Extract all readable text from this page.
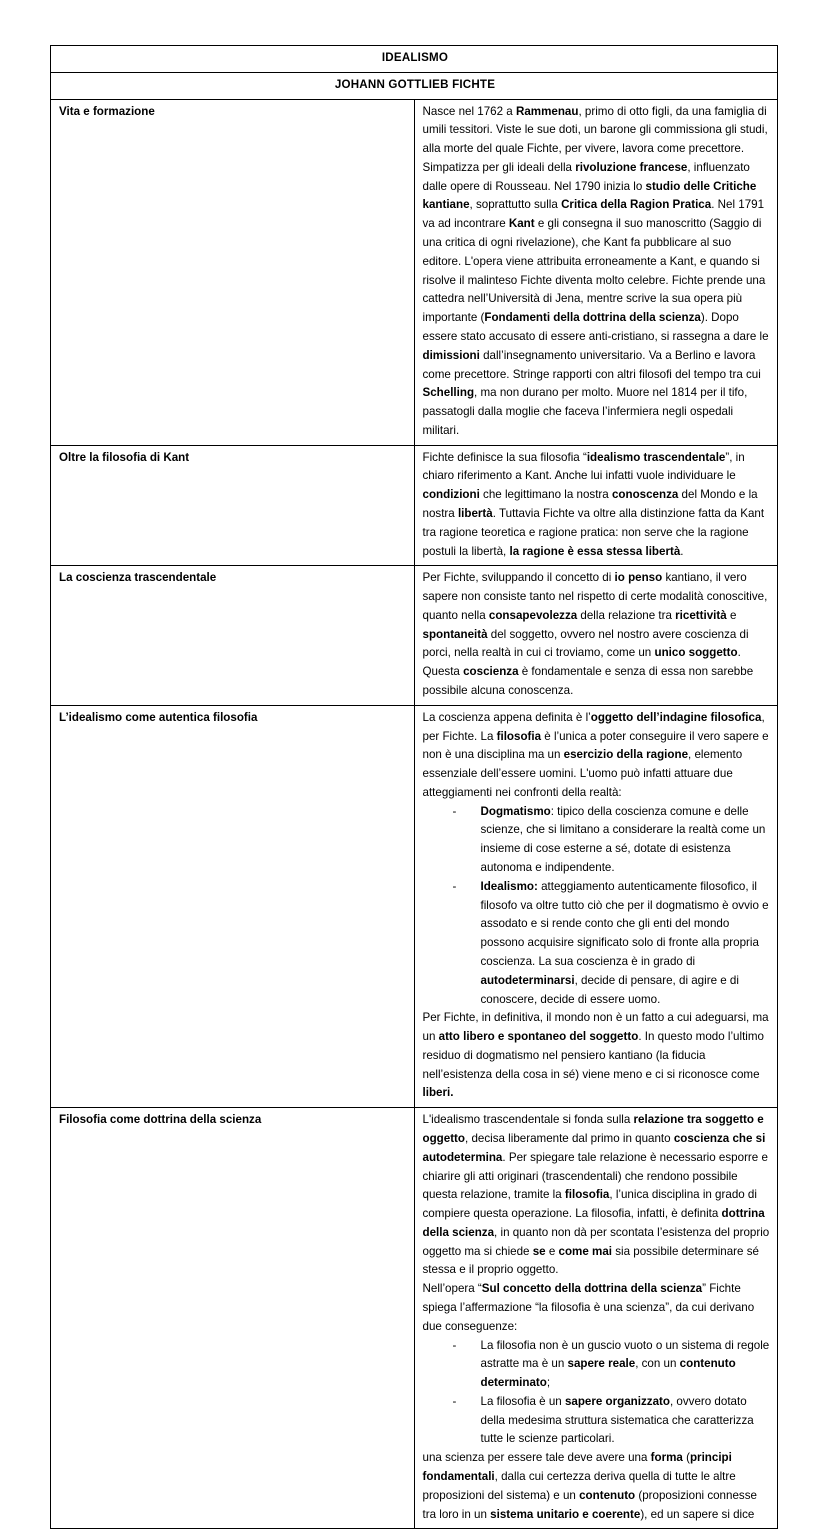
IDEALISMO	
JOHANN GOTTLIEB FICHTE	
Vita e formazione	Nasce nel 1762 a Rammenau, primo di otto figli, da una famiglia di umili tessitori. Viste le sue doti, un barone gli commissiona gli studi, alla morte del quale Fichte, per vivere, lavora come precettore. Simpatizza per gli ideali della rivoluzione francese, influenzato dalle opere di Rousseau. Nel 1790 inizia lo studio delle Critiche kantiane, soprattutto sulla Critica della Ragion Pratica. Nel 1791 va ad incontrare Kant e gli consegna il suo manoscritto (Saggio di una critica di ogni rivelazione), che Kant fa pubblicare al suo editore. L'opera viene attribuita erroneamente a Kant, e quando si risolve il malinteso Fichte diventa molto celebre. Fichte prende una cattedra nell’Università di Jena, mentre scrive la sua opera più importante (Fondamenti della dottrina della scienza). Dopo essere stato accusato di essere anti-cristiano, si rassegna a dare le dimissioni dall’insegnamento universitario. Va a Berlino e lavora come precettore. Stringe rapporti con altri filosofi del tempo tra cui Schelling, ma non durano per molto. Muore nel 1814 per il tifo, passatogli dalla moglie che faceva l’infermiera negli ospedali militari.

Oltre la filosofia di Kant	Fichte definisce la sua filosofia “idealismo trascendentale”, in chiaro riferimento a Kant. Anche lui infatti vuole individuare le condizioni che legittimano la nostra conoscenza del Mondo e la nostra libertà. Tuttavia Fichte va oltre alla distinzione fatta da Kant tra ragione teoretica e ragione pratica: non serve che la ragione postuli la libertà, la ragione è essa stessa libertà.

La coscienza trascendentale	Per Fichte, sviluppando il concetto di io penso kantiano, il vero sapere non consiste tanto nel rispetto di certe modalità conoscitive, quanto nella consapevolezza della relazione tra ricettività e spontaneità del soggetto, ovvero nel nostro avere coscienza di porci, nella realtà in cui ci troviamo, come un unico soggetto. Questa coscienza è fondamentale e senza di essa non sarebbe possibile alcuna conoscenza.

L’idealismo come autentica filosofia	La coscienza appena definita è l’oggetto dell’indagine filosofica, per Fichte. La filosofia è l’unica a poter conseguire il vero sapere e non è una disciplina ma un esercizio della ragione, elemento essenziale dell’essere uomini. L'uomo può infatti attuare due atteggiamenti nei confronti della realtà:

- Dogmatismo: tipico della coscienza comune e delle scienze, che si limitano a considerare la realtà come un insieme di cose esterne a sé, dotate di esistenza autonoma e indipendente.
- Idealismo: atteggiamento autenticamente filosofico, il filosofo va oltre tutto ciò che per il dogmatismo è ovvio e assodato e si rende conto che gli enti del mondo possono acquisire significato solo di fronte alla propria coscienza. La sua coscienza è in grado di autodeterminarsi, decide di pensare, di agire e di conoscere, decide di essere uomo.

Per Fichte, in definitiva, il mondo non è un fatto a cui adeguarsi, ma un atto libero e spontaneo del soggetto. In questo modo l’ultimo residuo di dogmatismo nel pensiero kantiano (la fiducia nell’esistenza della cosa in sé) viene meno e ci si riconosce come liberi.

Filosofia come dottrina della scienza	L'idealismo trascendentale si fonda sulla relazione tra soggetto e oggetto, decisa liberamente dal primo in quanto coscienza che si autodetermina. Per spiegare tale relazione è necessario esporre e chiarire gli atti originari (trascendentali) che rendono possibile questa relazione, tramite la filosofia, l’unica disciplina in grado di compiere questa operazione. La filosofia, infatti, è definita dottrina della scienza, in quanto non dà per scontata l’esistenza del proprio oggetto ma si chiede se e come mai sia possibile determinare sé stessa e il proprio oggetto.

Nell’opera “Sul concetto della dottrina della scienza” Fichte spiega l’affermazione “la filosofia è una scienza”, da cui derivano due conseguenze:

- La filosofia non è un guscio vuoto o un sistema di regole astratte ma è un sapere reale, con un contenuto determinato;
- La filosofia è un sapere organizzato, ovvero dotato della medesima struttura sistematica che caratterizza tutte le scienze particolari.

una scienza per essere tale deve avere una forma (principi fondamentali, dalla cui certezza deriva quella di tutte le altre proposizioni del sistema) e un contenuto (proposizioni connesse tra loro in un sistema unitario e coerente), ed un sapere si dice
